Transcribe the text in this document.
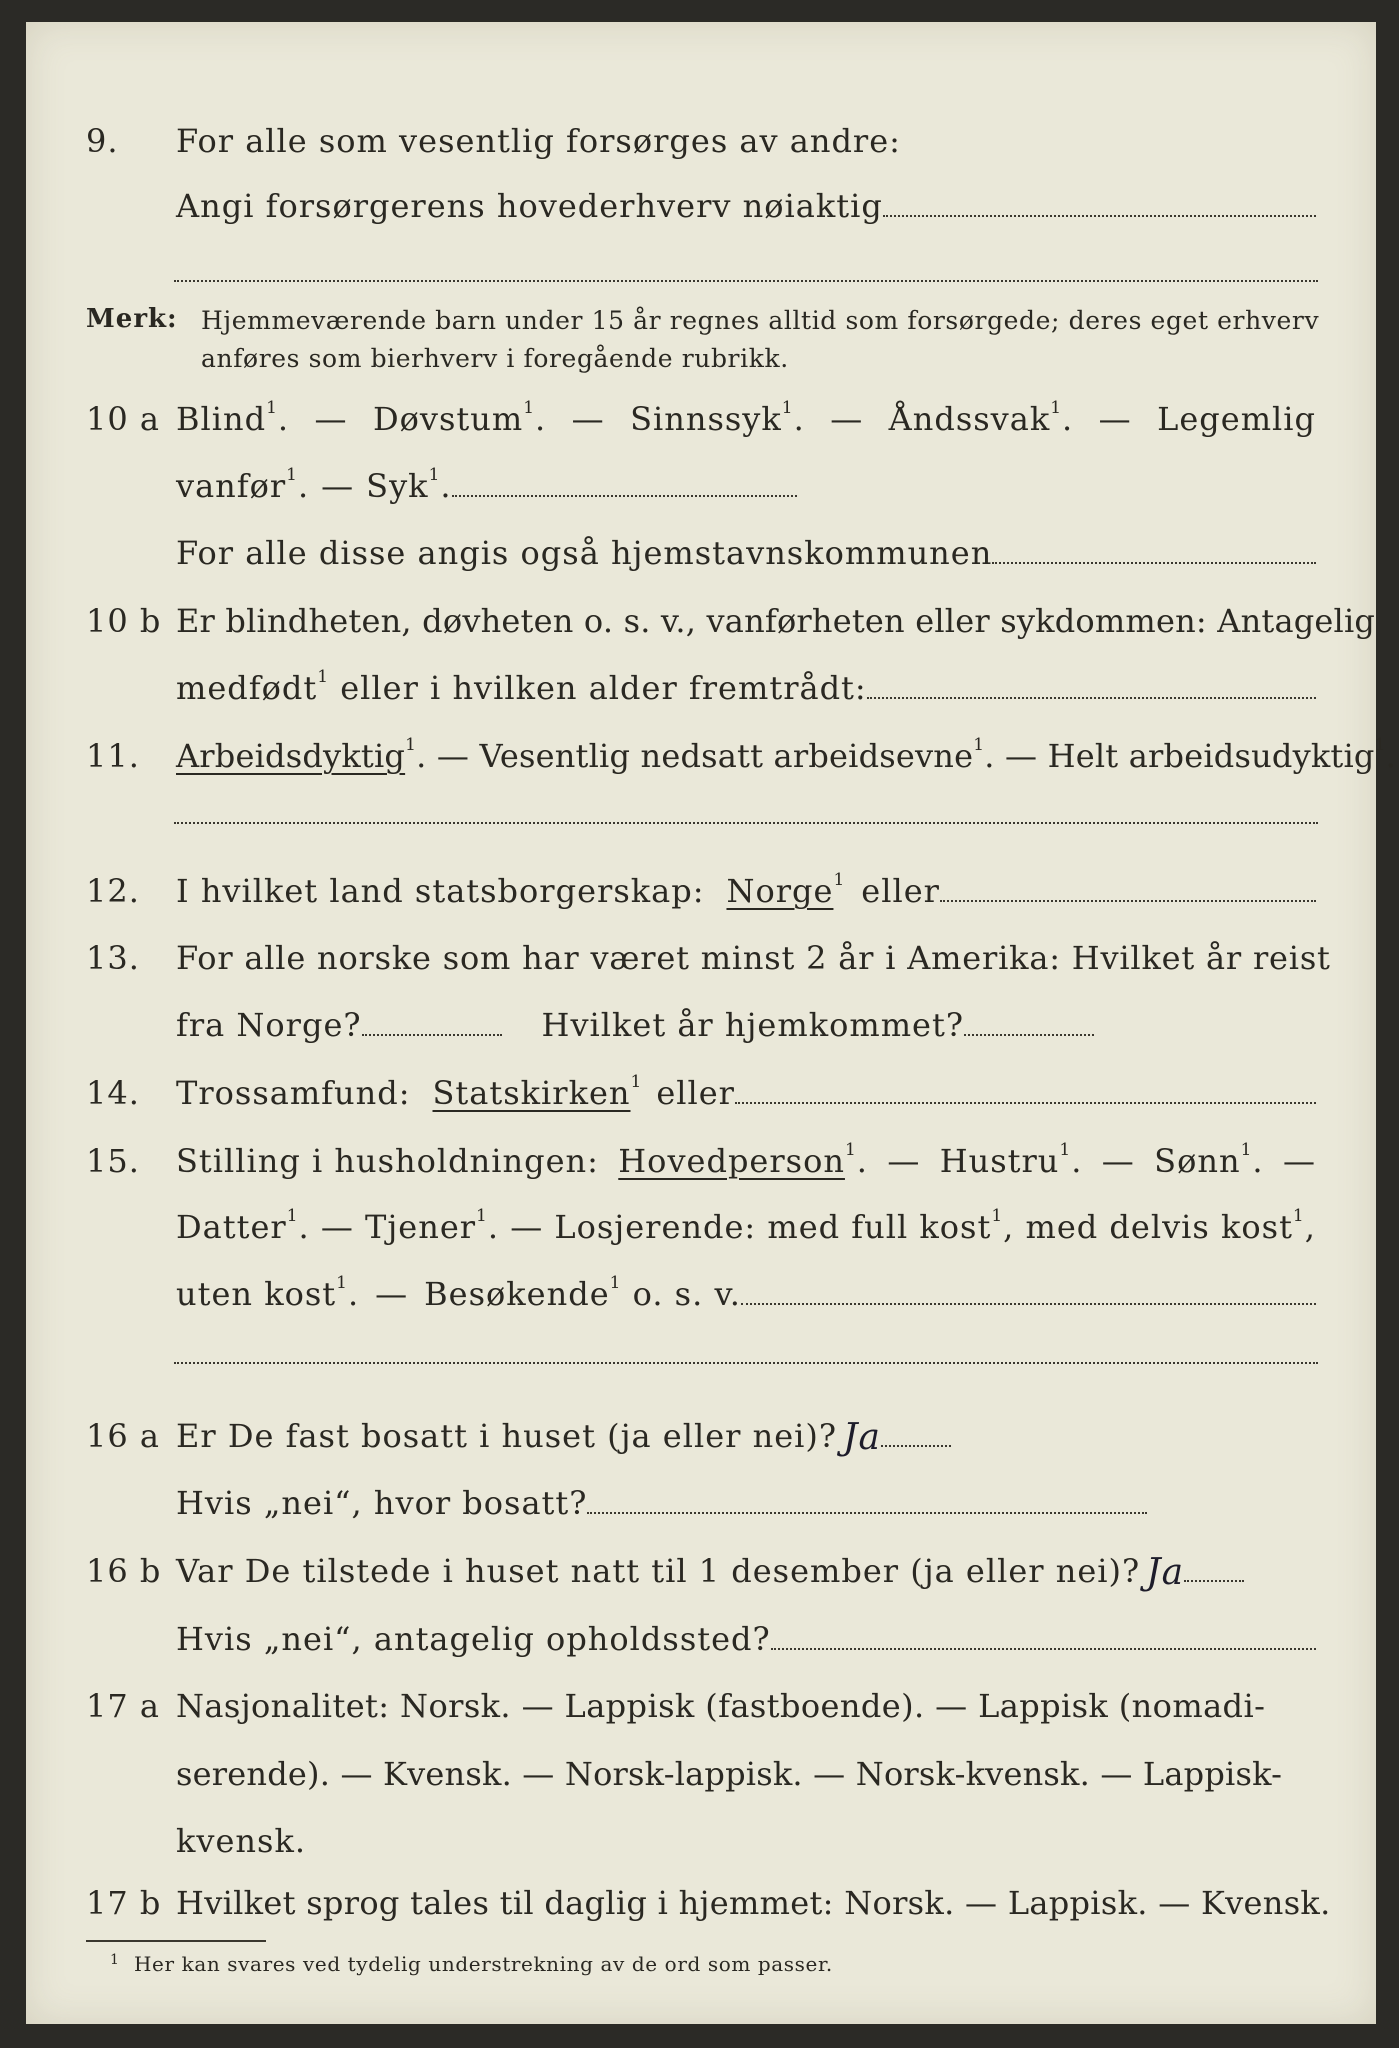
9. For alle som vesentlig forsørges av andre:
Angi forsørgerens hovederhverv nøiaktig
Merk: Hjemmeværende barn under 15 år regnes alltid som forsørgede; deres eget erhverv
anføres som bierhverv i foregående rubrikk.
10 a Blind$^1$. — Døvstum$^1$. — Sinnssyk$^1$. — Åndssvak$^1$. — Legemlig
vanfør$^1$. — Syk$^1$.
For alle disse angis også hjemstavnskommunen
10 b Er blindheten, døvheten o. s. v., vanførheten eller sykdommen: Antagelig
medfødt$^1$ eller i hvilken alder fremtrådt:
11. Arbeidsdyktig$^1$. — Vesentlig nedsatt arbeidsevne$^1$. — Helt arbeidsudyktig$^1$.
12. I hvilket land statsborgerskap: Norge$^1$ eller
13. For alle norske som har været minst 2 år i Amerika: Hvilket år reist
fra Norge?	Hvilket år hjemkommet?
14. Trossamfund: Statskirken$^1$ eller
15. Stilling i husholdningen: Hovedperson$^1$. — Hustru$^1$. — Sønn$^1$. —
Datter$^1$. — Tjener$^1$. — Losjerende: med full kost$^1$, med delvis kost$^1$,
uten kost$^1$. — Besøkende$^1$ o. s. v.
16 a Er De fast bosatt i huset (ja eller nei)? Ja
Hvis „nei“, hvor bosatt?
16 b Var De tilstede i huset natt til 1 desember (ja eller nei)? Ja
Hvis „nei“, antagelig opholdssted?
17 a Nasjonalitet: Norsk. — Lappisk (fastboende). — Lappisk (nomadi-
serende). — Kvensk. — Norsk-lappisk. — Norsk-kvensk. — Lappisk-
kvensk.
17 b Hvilket sprog tales til daglig i hjemmet: Norsk. — Lappisk. — Kvensk.
1 Her kan svares ved tydelig understrekning av de ord som passer.
